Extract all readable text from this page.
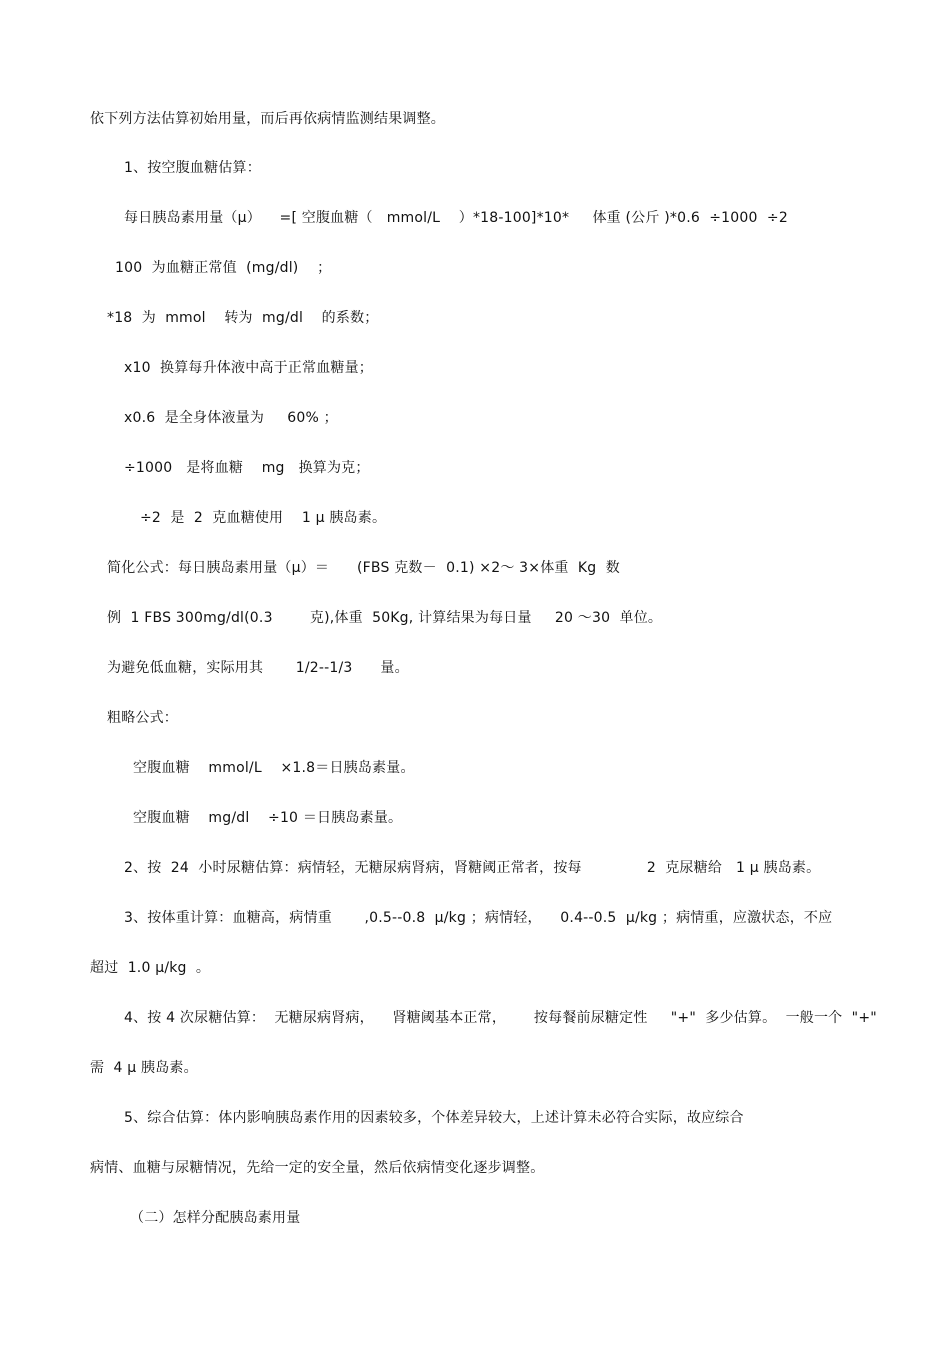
依下列方法估算初始用量，而后再依病情监测结果调整。
1、按空腹血糖估算：
每日胰岛素用量（μ）    =[ 空腹血糖（   mmol/L    ）*18-100]*10*     体重 (公斤 )*0.6  ÷1000  ÷2
100  为血糖正常值  (mg/dl)    ；
*18  为  mmol    转为  mg/dl    的系数；
x10  换算每升体液中高于正常血糖量；
x0.6  是全身体液量为     60% ；
÷1000   是将血糖    mg   换算为克；
÷2  是  2  克血糖使用    1 μ 胰岛素。
简化公式：每日胰岛素用量（μ）＝      (FBS 克数－  0.1) ×2～ 3×体重  Kg  数
例  1 FBS 300mg/dl(0.3        克),体重  50Kg, 计算结果为每日量     20 ～30  单位。
为避免低血糖，实际用其       1/2--1/3      量。
粗略公式：
空腹血糖    mmol/L    ×1.8＝日胰岛素量。
空腹血糖    mg/dl    ÷10 ＝日胰岛素量。
2、按  24  小时尿糖估算：病情轻，无糖尿病肾病，肾糖阈正常者，按每              2  克尿糖给   1 μ 胰岛素。
3、按体重计算：血糖高，病情重       ,0.5--0.8  μ/kg ；病情轻，    0.4--0.5  μ/kg ；病情重，应激状态，不应
超过  1.0 μ/kg  。
4、按 4 次尿糖估算：  无糖尿病肾病，    肾糖阈基本正常，      按每餐前尿糖定性     "+"  多少估算。  一般一个  "+"
需  4 μ 胰岛素。
5、综合估算：体内影响胰岛素作用的因素较多，个体差异较大，上述计算未必符合实际，故应综合
病情、血糖与尿糖情况，先给一定的安全量，然后依病情变化逐步调整。
（二）怎样分配胰岛素用量
